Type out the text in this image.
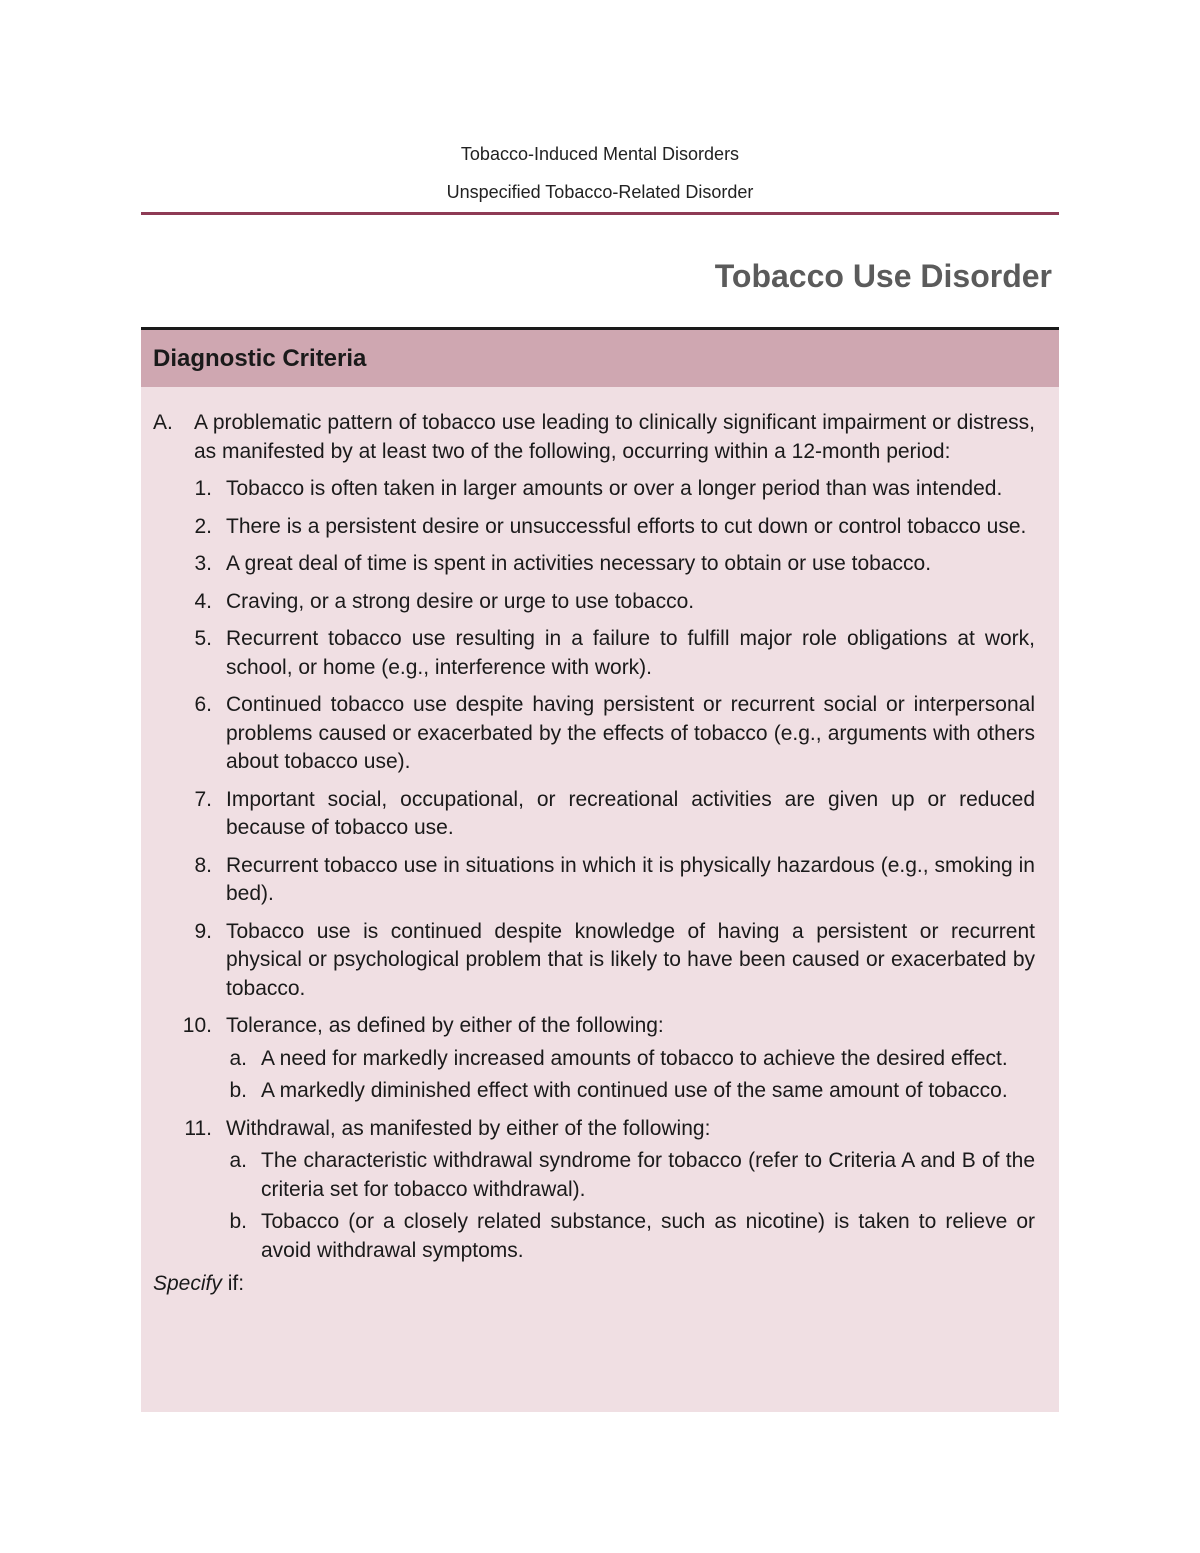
Tobacco-Induced Mental Disorders
Unspecified Tobacco-Related Disorder
Tobacco Use Disorder
Diagnostic Criteria
A.	A problematic pattern of tobacco use leading to clinically significant impairment or distress, as manifested by at least two of the following, occurring within a 12-month period:
1. Tobacco is often taken in larger amounts or over a longer period than was intended.
2. There is a persistent desire or unsuccessful efforts to cut down or control tobacco use.
3. A great deal of time is spent in activities necessary to obtain or use tobacco.
4. Craving, or a strong desire or urge to use tobacco.
5. Recurrent tobacco use resulting in a failure to fulfill major role obligations at work, school, or home (e.g., interference with work).
6. Continued tobacco use despite having persistent or recurrent social or interpersonal problems caused or exacerbated by the effects of tobacco (e.g., arguments with others about tobacco use).
7. Important social, occupational, or recreational activities are given up or reduced because of tobacco use.
8. Recurrent tobacco use in situations in which it is physically hazardous (e.g., smoking in bed).
9. Tobacco use is continued despite knowledge of having a persistent or recurrent physical or psychological problem that is likely to have been caused or exacerbated by tobacco.
10. Tolerance, as defined by either of the following:
a. A need for markedly increased amounts of tobacco to achieve the desired effect.
b. A markedly diminished effect with continued use of the same amount of tobacco.
11. Withdrawal, as manifested by either of the following:
a. The characteristic withdrawal syndrome for tobacco (refer to Criteria A and B of the criteria set for tobacco withdrawal).
b. Tobacco (or a closely related substance, such as nicotine) is taken to relieve or avoid withdrawal symptoms.
Specify if:
